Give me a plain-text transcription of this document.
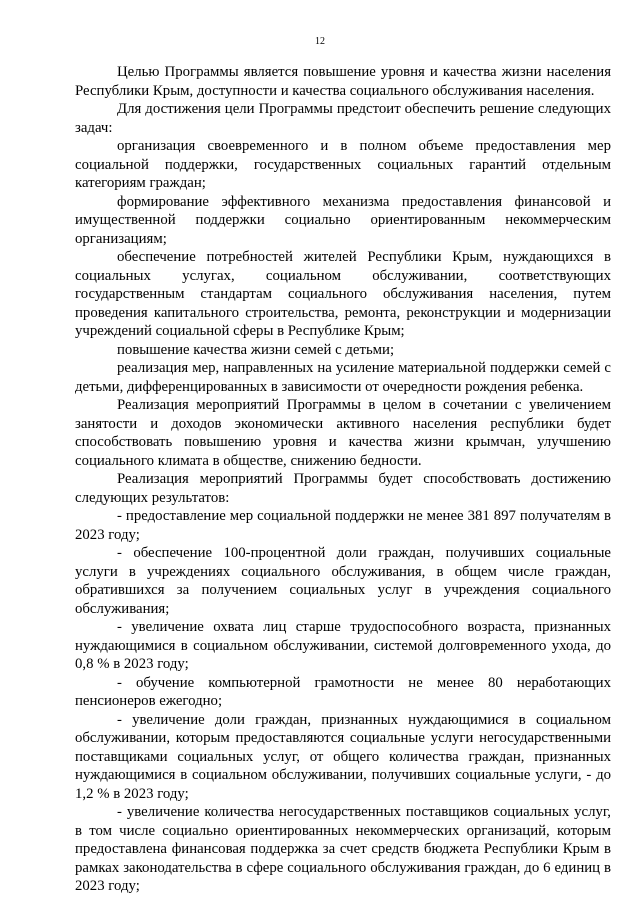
12

Целью Программы является повышение уровня и качества жизни населения Республики Крым, доступности и качества социального обслуживания населения.

Для достижения цели Программы предстоит обеспечить решение следующих задач:

организация своевременного и в полном объеме предоставления мер социальной поддержки, государственных социальных гарантий отдельным категориям граждан;

формирование эффективного механизма предоставления финансовой и имущественной поддержки социально ориентированным некоммерческим организациям;

обеспечение потребностей жителей Республики Крым, нуждающихся в социальных услугах, социальном обслуживании, соответствующих государственным стандартам социального обслуживания населения, путем проведения капитального строительства, ремонта, реконструкции и модернизации учреждений социальной сферы в Республике Крым;

повышение качества жизни семей с детьми;

реализация мер, направленных на усиление материальной поддержки семей с детьми, дифференцированных в зависимости от очередности рождения ребенка.

Реализация мероприятий Программы в целом в сочетании с увеличением занятости и доходов экономически активного населения республики будет способствовать повышению уровня и качества жизни крымчан, улучшению социального климата в обществе, снижению бедности.

Реализация мероприятий Программы будет способствовать достижению следующих результатов:

- предоставление мер социальной поддержки не менее 381 897 получателям в 2023 году;

- обеспечение 100-процентной доли граждан, получивших социальные услуги в учреждениях социального обслуживания, в общем числе граждан, обратившихся за получением социальных услуг в учреждения социального обслуживания;

- увеличение охвата лиц старше трудоспособного возраста, признанных нуждающимися в социальном обслуживании, системой долговременного ухода, до 0,8 % в 2023 году;

- обучение компьютерной грамотности не менее 80 неработающих пенсионеров ежегодно;

- увеличение доли граждан, признанных нуждающимися в социальном обслуживании, которым предоставляются социальные услуги негосударственными поставщиками социальных услуг, от общего количества граждан, признанных нуждающимися в социальном обслуживании, получивших социальные услуги, - до 1,2 % в 2023 году;

- увеличение количества негосударственных поставщиков социальных услуг, в том числе социально ориентированных некоммерческих организаций, которым предоставлена финансовая поддержка за счет средств бюджета Республики Крым в рамках законодательства в сфере социального обслуживания граждан, до 6 единиц в 2023 году;
